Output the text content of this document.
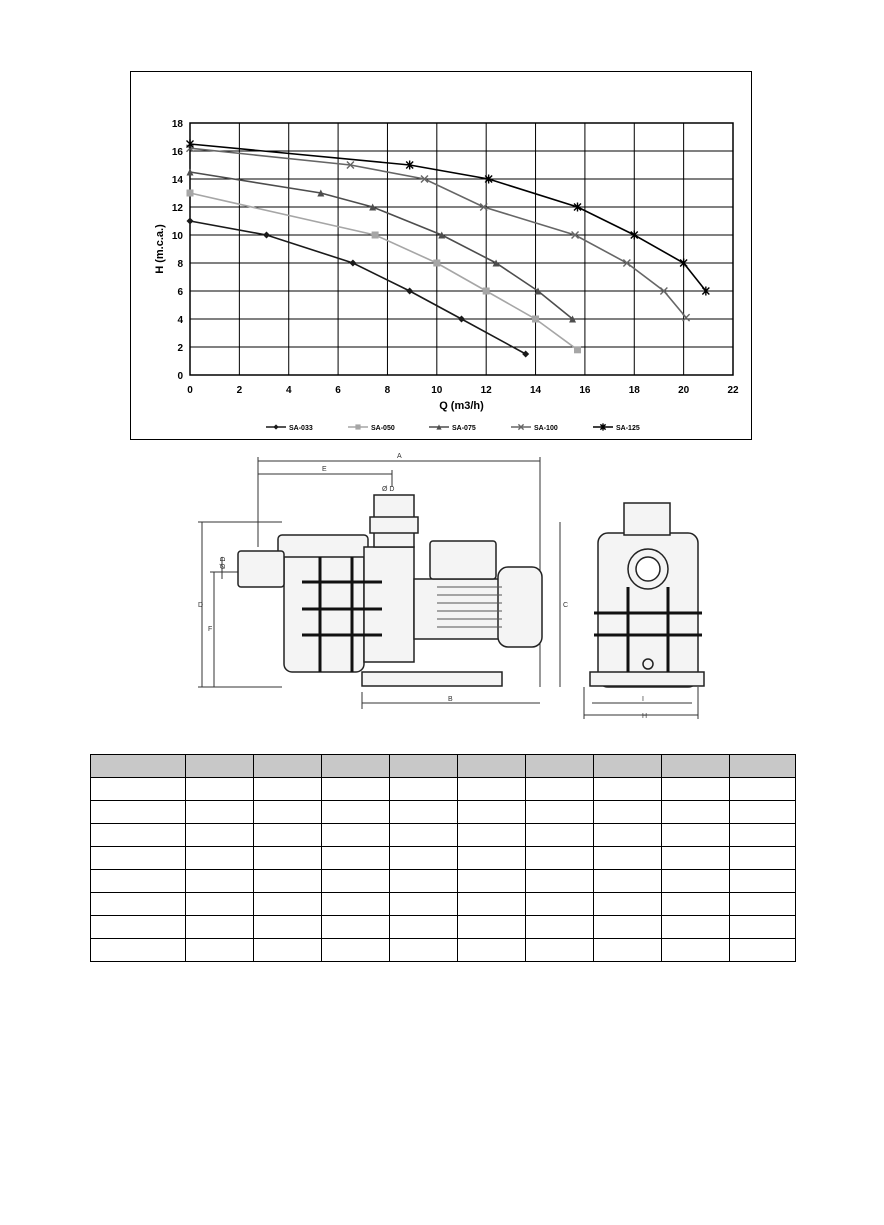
0	2	4	6	8	10	12	14	16	18	20	22
0
2
4
6
8
10
12
14
16
18
Q (m3/h)
H (m.c.a.)
SA-033	SA-050	SA-075	SA-100	SA-125
A
E
Ø D
Ø D
D
F
C
B	I
H
